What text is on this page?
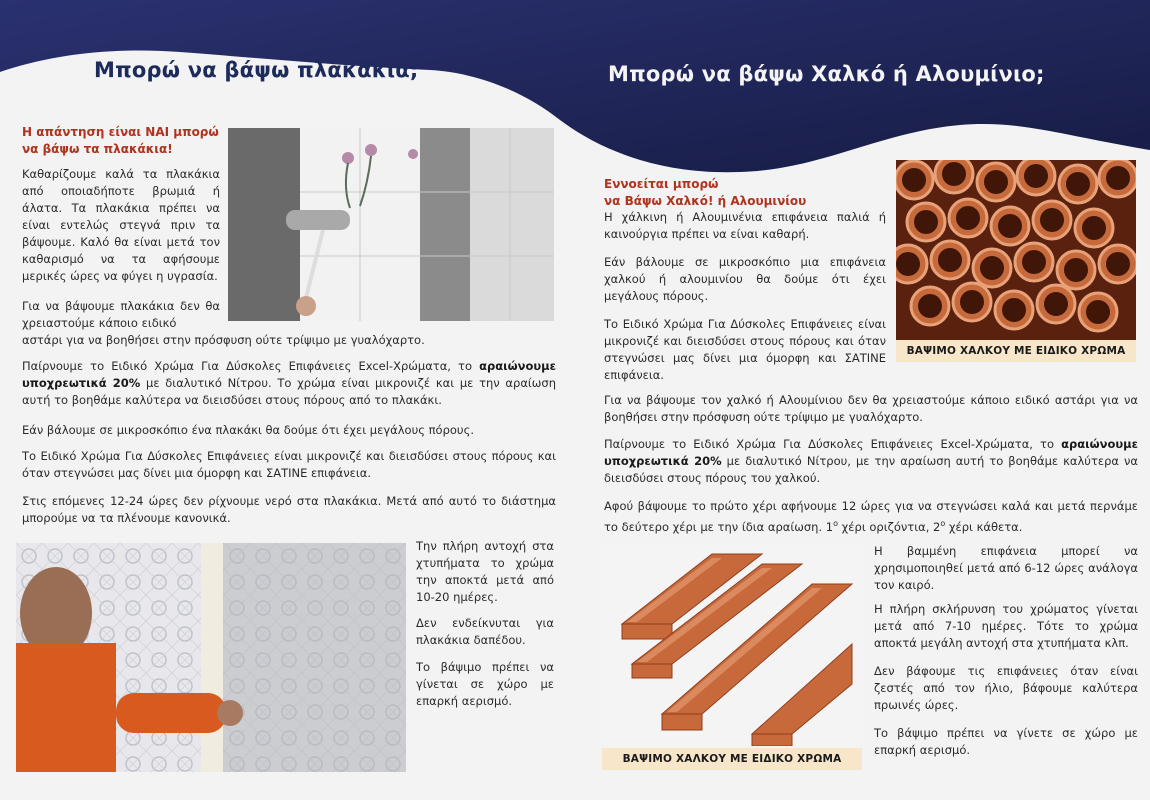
Μπορώ να βάψω πλακάκια;
Η απάντηση είναι ΝΑΙ μπορώ
να βάψω τα πλακάκια!

Καθαρίζουμε καλά τα πλακάκια από οποιαδήποτε βρωμιά ή άλατα. Τα πλακάκια πρέπει να είναι εντελώς στεγνά πριν τα βάψουμε. Καλό θα είναι μετά τον καθαρισμό να τα αφήσουμε μερικές ώρες να φύγει η υγρασία.

Για να βάψουμε πλακάκια δεν θα χρειαστούμε κάποιο ειδικό

αστάρι για να βοηθήσει στην πρόσφυση ούτε τρίψιμο με γυαλόχαρτο.

Παίρνουμε το Ειδικό Χρώμα Για Δύσκολες Επιφάνειες Excel-Χρώματα, το αραιώνουμε υποχρεωτικά 20% με διαλυτικό Νίτρου. Το χρώμα είναι μικρονιζέ και με την αραίωση αυτή το βοηθάμε καλύτερα να διεισδύσει στους πόρους από το πλακάκι.

Εάν βάλουμε σε μικροσκόπιο ένα πλακάκι θα δούμε ότι έχει μεγάλους πόρους.

Το Ειδικό Χρώμα Για Δύσκολες Επιφάνειες είναι μικρονιζέ και διεισδύσει στους πόρους και όταν στεγνώσει μας δίνει μια όμορφη και ΣΑΤΙΝΕ επιφάνεια.

Στις επόμενες 12-24 ώρες δεν ρίχνουμε νερό στα πλακάκια. Μετά από αυτό το διάστημα μπορούμε να τα πλένουμε κανονικά.

Την πλήρη αντοχή στα χτυπήματα το χρώμα την αποκτά μετά από 10-20 ημέρες.

Δεν ενδείκνυται για πλακάκια δαπέδου.

Το βάψιμο πρέπει να γίνεται σε χώρο με επαρκή αερισμό.

Μπορώ να βάψω Χαλκό ή Αλουμίνιο;
Εννοείται μπορώ
να Βάψω Χαλκό! ή Αλουμινίου

Η χάλκινη ή Αλουμινένια επιφάνεια παλιά ή καινούργια πρέπει να είναι καθαρή.

Εάν βάλουμε σε μικροσκόπιο μια επιφάνεια χαλκού ή αλουμινίου θα δούμε ότι έχει μεγάλους πόρους.

Το Ειδικό Χρώμα Για Δύσκολες Επιφάνειες είναι μικρονιζέ και διεισδύσει στους πόρους και όταν στεγνώσει μας δίνει μια όμορφη και ΣΑΤΙΝΕ επιφάνεια.

ΒΑΨΙΜΟ ΧΑΛΚΟΥ ΜΕ ΕΙΔΙΚΟ ΧΡΩΜΑ

Για να βάψουμε τον χαλκό ή Αλουμίνιου δεν θα χρειαστούμε κάποιο ειδικό αστάρι για να βοηθήσει στην πρόσφυση ούτε τρίψιμο με γυαλόχαρτο.

Παίρνουμε το Ειδικό Χρώμα Για Δύσκολες Επιφάνειες Excel-Χρώματα, το αραιώνουμε υποχρεωτικά 20% με διαλυτικό Νίτρου, με την αραίωση αυτή το βοηθάμε καλύτερα να διεισδύσει στους πόρους του χαλκού.

Αφού βάψουμε το πρώτο χέρι αφήνουμε 12 ώρες για να στεγνώσει καλά και μετά περνάμε το δεύτερο χέρι με την ίδια αραίωση. $1^o$ χέρι οριζόντια, $2^o$ χέρι κάθετα.

ΒΑΨΙΜΟ ΧΑΛΚΟΥ ΜΕ ΕΙΔΙΚΟ ΧΡΩΜΑ

Η βαμμένη επιφάνεια μπορεί να χρησιμοποιηθεί μετά από 6-12 ώρες ανάλογα τον καιρό.

Η πλήρη σκλήρυνση του χρώματος γίνεται μετά από 7-10 ημέρες. Τότε το χρώμα αποκτά μεγάλη αντοχή στα χτυπήματα κλπ.

Δεν βάφουμε τις επιφάνειες όταν είναι ζεστές από τον ήλιο, βάφουμε καλύτερα πρωινές ώρες.

Το βάψιμο πρέπει να γίνετε σε χώρο με επαρκή αερισμό.
